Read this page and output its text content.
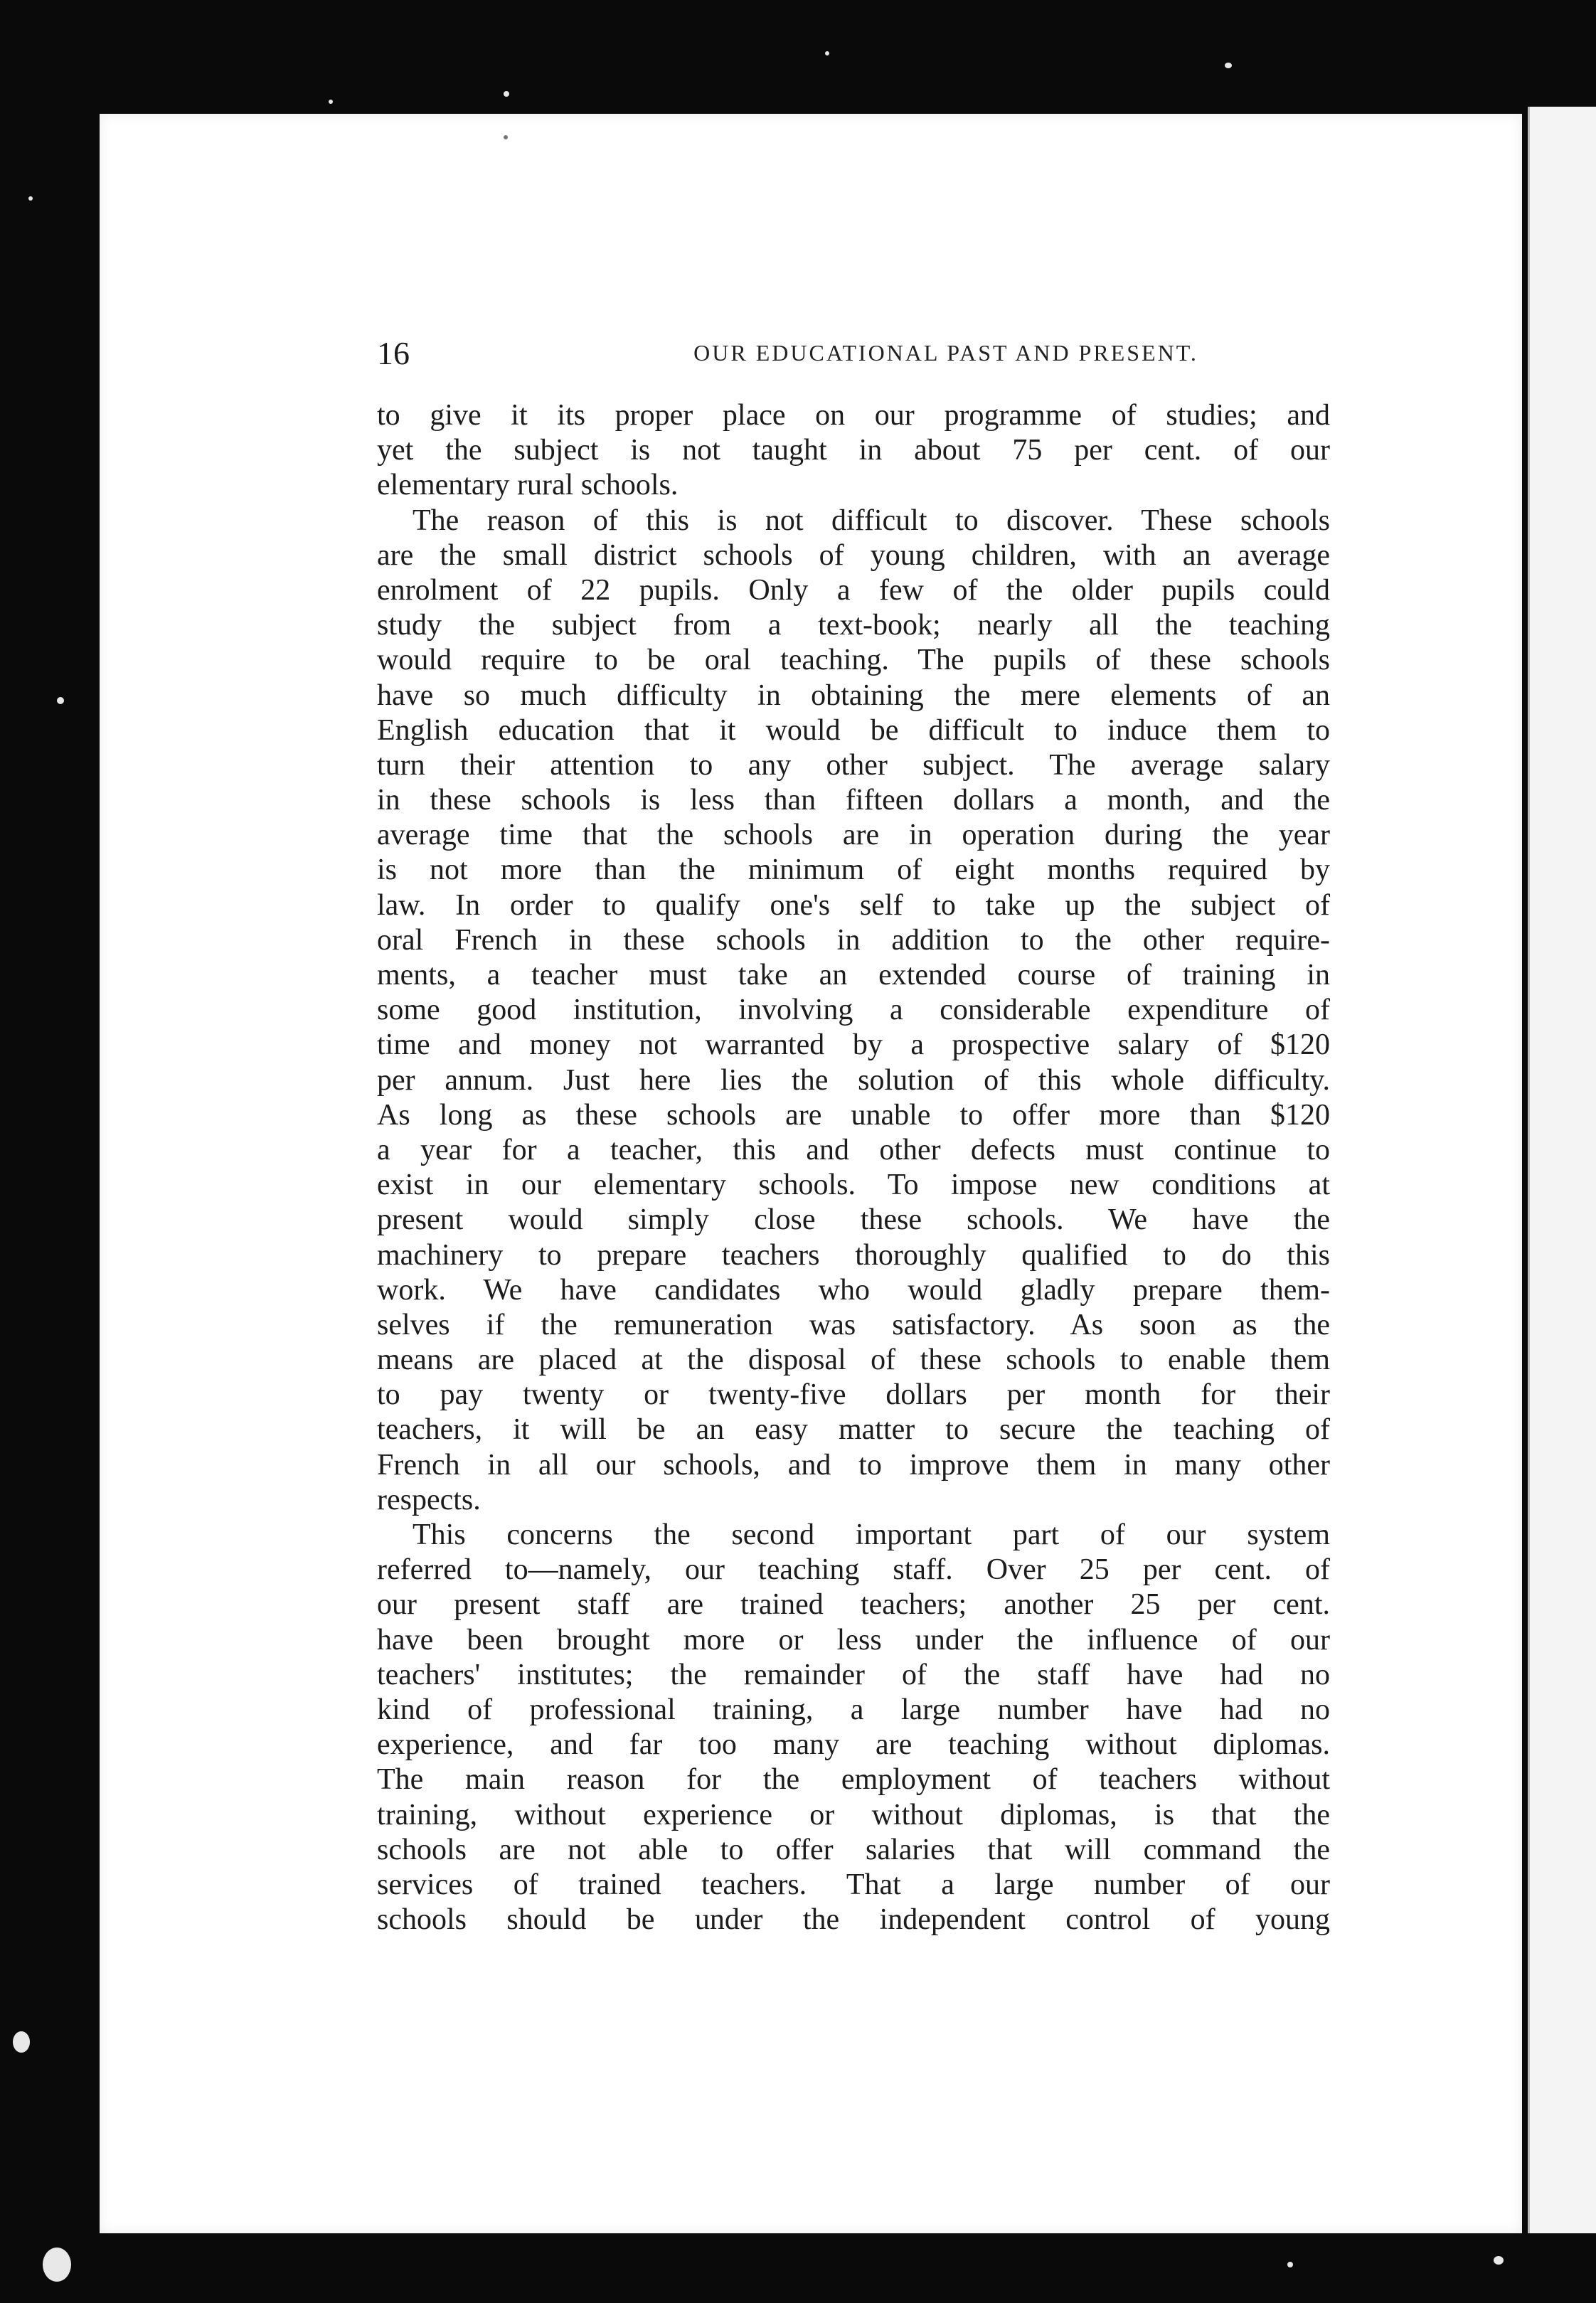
16	OUR EDUCATIONAL PAST AND PRESENT.
to give it its proper place on our programme of studies; and
yet the subject is not taught in about 75 per cent. of our
elementary rural schools.
The reason of this is not difficult to discover. These schools
are the small district schools of young children, with an average
enrolment of 22 pupils. Only a few of the older pupils could
study the subject from a text-book; nearly all the teaching
would require to be oral teaching. The pupils of these schools
have so much difficulty in obtaining the mere elements of an
English education that it would be difficult to induce them to
turn their attention to any other subject. The average salary
in these schools is less than fifteen dollars a month, and the
average time that the schools are in operation during the year
is not more than the minimum of eight months required by
law. In order to qualify one's self to take up the subject of
oral French in these schools in addition to the other require-
ments, a teacher must take an extended course of training in
some good institution, involving a considerable expenditure of
time and money not warranted by a prospective salary of $120
per annum. Just here lies the solution of this whole difficulty.
As long as these schools are unable to offer more than $120
a year for a teacher, this and other defects must continue to
exist in our elementary schools. To impose new conditions at
present would simply close these schools. We have the
machinery to prepare teachers thoroughly qualified to do this
work. We have candidates who would gladly prepare them-
selves if the remuneration was satisfactory. As soon as the
means are placed at the disposal of these schools to enable them
to pay twenty or twenty-five dollars per month for their
teachers, it will be an easy matter to secure the teaching of
French in all our schools, and to improve them in many other
respects.
This concerns the second important part of our system
referred to—namely, our teaching staff. Over 25 per cent. of
our present staff are trained teachers; another 25 per cent.
have been brought more or less under the influence of our
teachers' institutes; the remainder of the staff have had no
kind of professional training, a large number have had no
experience, and far too many are teaching without diplomas.
The main reason for the employment of teachers without
training, without experience or without diplomas, is that the
schools are not able to offer salaries that will command the
services of trained teachers. That a large number of our
schools should be under the independent control of young
